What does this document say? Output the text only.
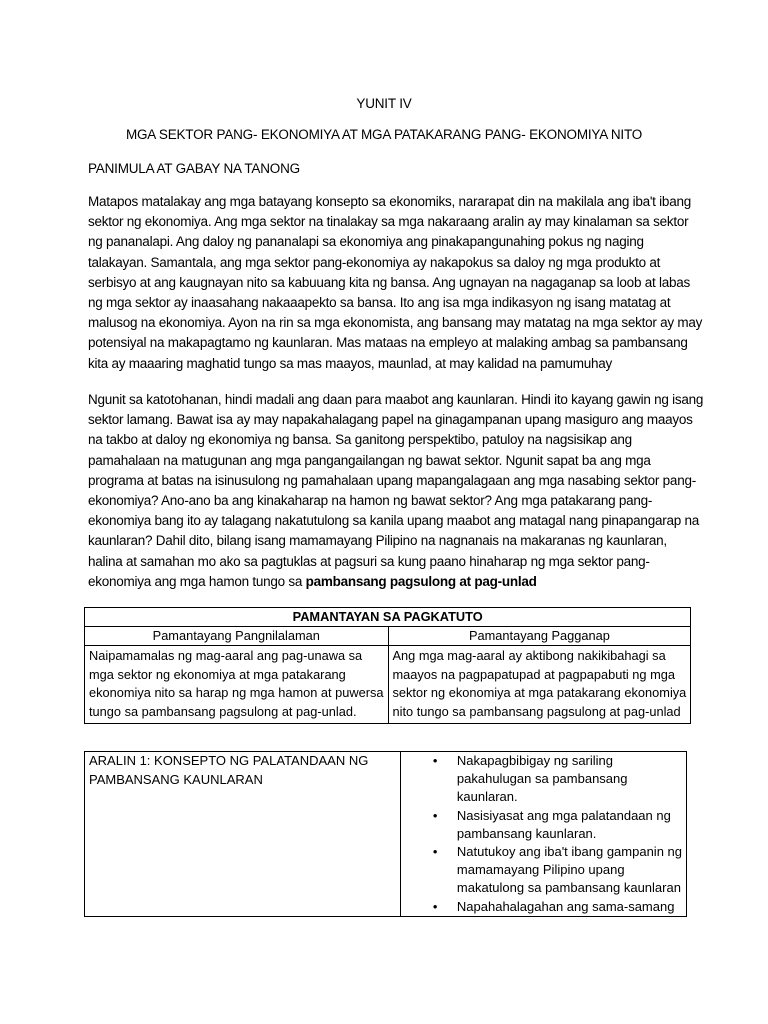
YUNIT IV
MGA SEKTOR PANG- EKONOMIYA AT MGA PATAKARANG PANG- EKONOMIYA NITO
PANIMULA AT GABAY NA TANONG

Matapos matalakay ang mga batayang konsepto sa ekonomiks, nararapat din na makilala ang iba't ibang
sektor ng ekonomiya. Ang mga sektor na tinalakay sa mga nakaraang aralin ay may kinalaman sa sektor
ng pananalapi. Ang daloy ng pananalapi sa ekonomiya ang pinakapangunahing pokus ng naging
talakayan. Samantala, ang mga sektor pang-ekonomiya ay nakapokus sa daloy ng mga produkto at
serbisyo at ang kaugnayan nito sa kabuuang kita ng bansa. Ang ugnayan na nagaganap sa loob at labas
ng mga sektor ay inaasahang nakaaapekto sa bansa. Ito ang isa mga indikasyon ng isang matatag at
malusog na ekonomiya. Ayon na rin sa mga ekonomista, ang bansang may matatag na mga sektor ay may
potensiyal na makapagtamo ng kaunlaran. Mas mataas na empleyo at malaking ambag sa pambansang
kita ay maaaring maghatid tungo sa mas maayos, maunlad, at may kalidad na pamumuhay

Ngunit sa katotohanan, hindi madali ang daan para maabot ang kaunlaran. Hindi ito kayang gawin ng isang
sektor lamang. Bawat isa ay may napakahalagang papel na ginagampanan upang masiguro ang maayos
na takbo at daloy ng ekonomiya ng bansa. Sa ganitong perspektibo, patuloy na nagsisikap ang
pamahalaan na matugunan ang mga pangangailangan ng bawat sektor. Ngunit sapat ba ang mga
programa at batas na isinusulong ng pamahalaan upang mapangalagaan ang mga nasabing sektor pang-
ekonomiya? Ano-ano ba ang kinakaharap na hamon ng bawat sektor? Ang mga patakarang pang-
ekonomiya bang ito ay talagang nakatutulong sa kanila upang maabot ang matagal nang pinapangarap na
kaunlaran? Dahil dito, bilang isang mamamayang Pilipino na nagnanais na makaranas ng kaunlaran,
halina at samahan mo ako sa pagtuklas at pagsuri sa kung paano hinaharap ng mga sektor pang-
ekonomiya ang mga hamon tungo sa pambansang pagsulong at pag-unlad

PAMANTAYAN SA PAGKATUTO	
Pamantayang Pangnilalaman	Pamantayang Pagganap

Naipamamalas ng mag-aaral ang pag-unawa sa
mga sektor ng ekonomiya at mga patakarang
ekonomiya nito sa harap ng mga hamon at puwersa
tungo sa pambansang pagsulong at pag-unlad.	Ang mga mag-aaral ay aktibong nakikibahagi sa
maayos na pagpapatupad at pagpapabuti ng mga
sektor ng ekonomiya at mga patakarang ekonomiya
nito tungo sa pambansang pagsulong at pag-unlad
ARALIN 1: KONSEPTO NG PALATANDAAN NG
PAMBANSANG KAUNLARAN

• Nakapagbibigay ng sariling
pakahulugan sa pambansang
kaunlaran.
• Nasisiyasat ang mga palatandaan ng
pambansang kaunlaran.
• Natutukoy ang iba't ibang gampanin ng
mamamayang Pilipino upang
makatulong sa pambansang kaunlaran
• Napahahalagahan ang sama-samang
